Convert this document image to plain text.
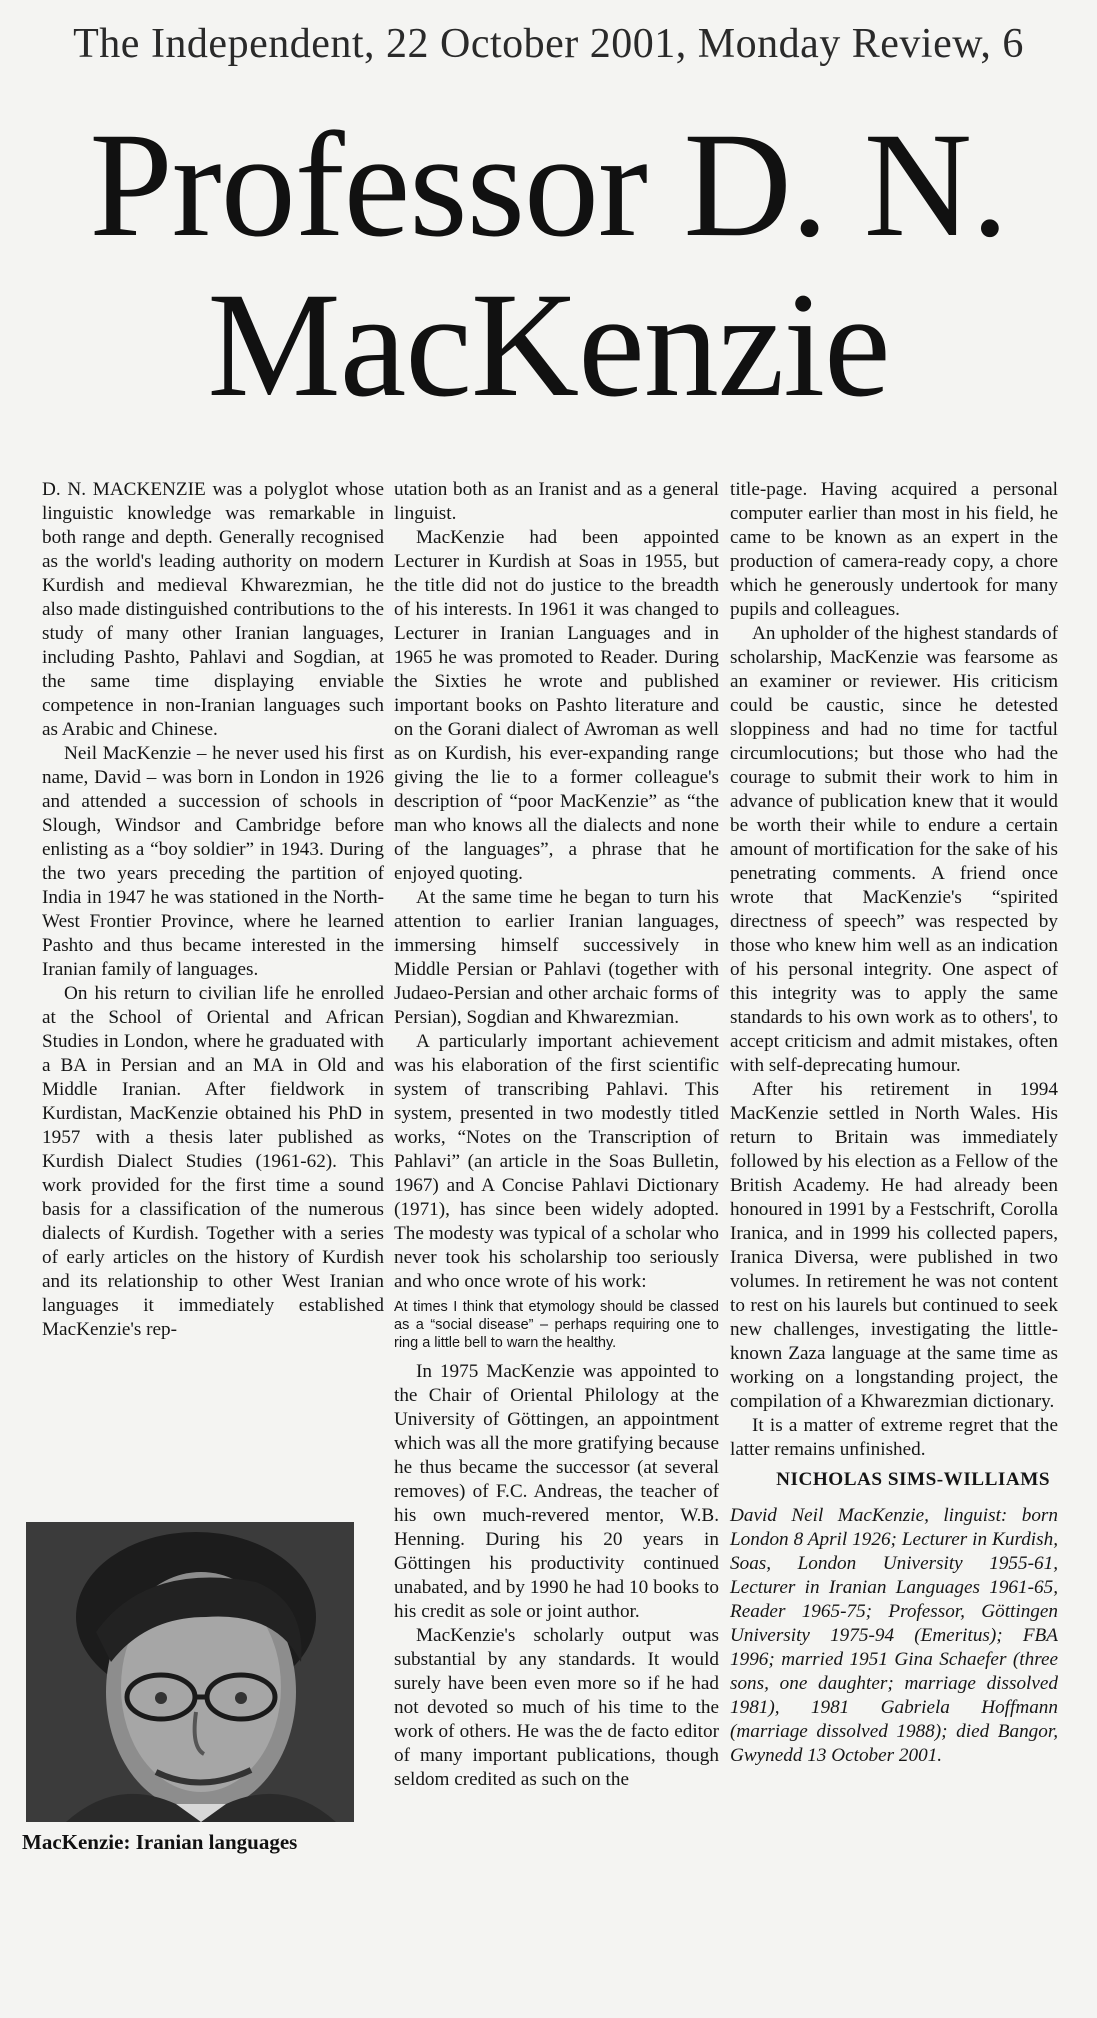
The Independent, 22 October 2001, Monday Review, 6
Professor D. N.
MacKenzie

D. N. MACKENZIE was a polyglot whose linguistic knowledge was remarkable in both range and depth. Generally recognised as the world's leading authority on modern Kurdish and medieval Khwarezmian, he also made distinguished contributions to the study of many other Iranian languages, including Pashto, Pahlavi and Sogdian, at the same time displaying enviable competence in non-Iranian languages such as Arabic and Chinese.

Neil MacKenzie – he never used his first name, David – was born in London in 1926 and attended a succession of schools in Slough, Windsor and Cambridge before enlisting as a “boy soldier” in 1943. During the two years preceding the partition of India in 1947 he was stationed in the North-West Frontier Province, where he learned Pashto and thus became interested in the Iranian family of languages.

On his return to civilian life he enrolled at the School of Oriental and African Studies in London, where he graduated with a BA in Persian and an MA in Old and Middle Iranian. After fieldwork in Kurdistan, MacKenzie obtained his PhD in 1957 with a thesis later published as Kurdish Dialect Studies (1961-62). This work provided for the first time a sound basis for a classification of the numerous dialects of Kurdish. Together with a series of early articles on the history of Kurdish and its relationship to other West Iranian languages it immediately established MacKenzie's rep-

utation both as an Iranist and as a general linguist.

MacKenzie had been appointed Lecturer in Kurdish at Soas in 1955, but the title did not do justice to the breadth of his interests. In 1961 it was changed to Lecturer in Iranian Languages and in 1965 he was promoted to Reader. During the Sixties he wrote and published important books on Pashto literature and on the Gorani dialect of Awroman as well as on Kurdish, his ever-expanding range giving the lie to a former colleague's description of “poor MacKenzie” as “the man who knows all the dialects and none of the languages”, a phrase that he enjoyed quoting.

At the same time he began to turn his attention to earlier Iranian languages, immersing himself successively in Middle Persian or Pahlavi (together with Judaeo-Persian and other archaic forms of Persian), Sogdian and Khwarezmian.

A particularly important achievement was his elaboration of the first scientific system of transcribing Pahlavi. This system, presented in two modestly titled works, “Notes on the Transcription of Pahlavi” (an article in the Soas Bulletin, 1967) and A Concise Pahlavi Dictionary (1971), has since been widely adopted. The modesty was typical of a scholar who never took his scholarship too seriously and who once wrote of his work:

At times I think that etymology should be classed as a “social disease” – perhaps requiring one to ring a little bell to warn the healthy.

In 1975 MacKenzie was appointed to the Chair of Oriental Philology at the University of Göttingen, an appointment which was all the more gratifying because he thus became the successor (at several removes) of F.C. Andreas, the teacher of his own much-revered mentor, W.B. Henning. During his 20 years in Göttingen his productivity continued unabated, and by 1990 he had 10 books to his credit as sole or joint author.

MacKenzie's scholarly output was substantial by any standards. It would surely have been even more so if he had not devoted so much of his time to the work of others. He was the de facto editor of many important publications, though seldom credited as such on the

title-page. Having acquired a personal computer earlier than most in his field, he came to be known as an expert in the production of camera-ready copy, a chore which he generously undertook for many pupils and colleagues.

An upholder of the highest standards of scholarship, MacKenzie was fearsome as an examiner or reviewer. His criticism could be caustic, since he detested sloppiness and had no time for tactful circumlocutions; but those who had the courage to submit their work to him in advance of publication knew that it would be worth their while to endure a certain amount of mortification for the sake of his penetrating comments. A friend once wrote that MacKenzie's “spirited directness of speech” was respected by those who knew him well as an indication of his personal integrity. One aspect of this integrity was to apply the same standards to his own work as to others', to accept criticism and admit mistakes, often with self-deprecating humour.

After his retirement in 1994 MacKenzie settled in North Wales. His return to Britain was immediately followed by his election as a Fellow of the British Academy. He had already been honoured in 1991 by a Festschrift, Corolla Iranica, and in 1999 his collected papers, Iranica Diversa, were published in two volumes. In retirement he was not content to rest on his laurels but continued to seek new challenges, investigating the little-known Zaza language at the same time as working on a longstanding project, the compilation of a Khwarezmian dictionary.

It is a matter of extreme regret that the latter remains unfinished.

NICHOLAS SIMS-WILLIAMS

David Neil MacKenzie, linguist: born London 8 April 1926; Lecturer in Kurdish, Soas, London University 1955-61, Lecturer in Iranian Languages 1961-65, Reader 1965-75; Professor, Göttingen University 1975-94 (Emeritus); FBA 1996; married 1951 Gina Schaefer (three sons, one daughter; marriage dissolved 1981), 1981 Gabriela Hoffmann (marriage dissolved 1988); died Bangor, Gwynedd 13 October 2001.

MacKenzie: Iranian languages
